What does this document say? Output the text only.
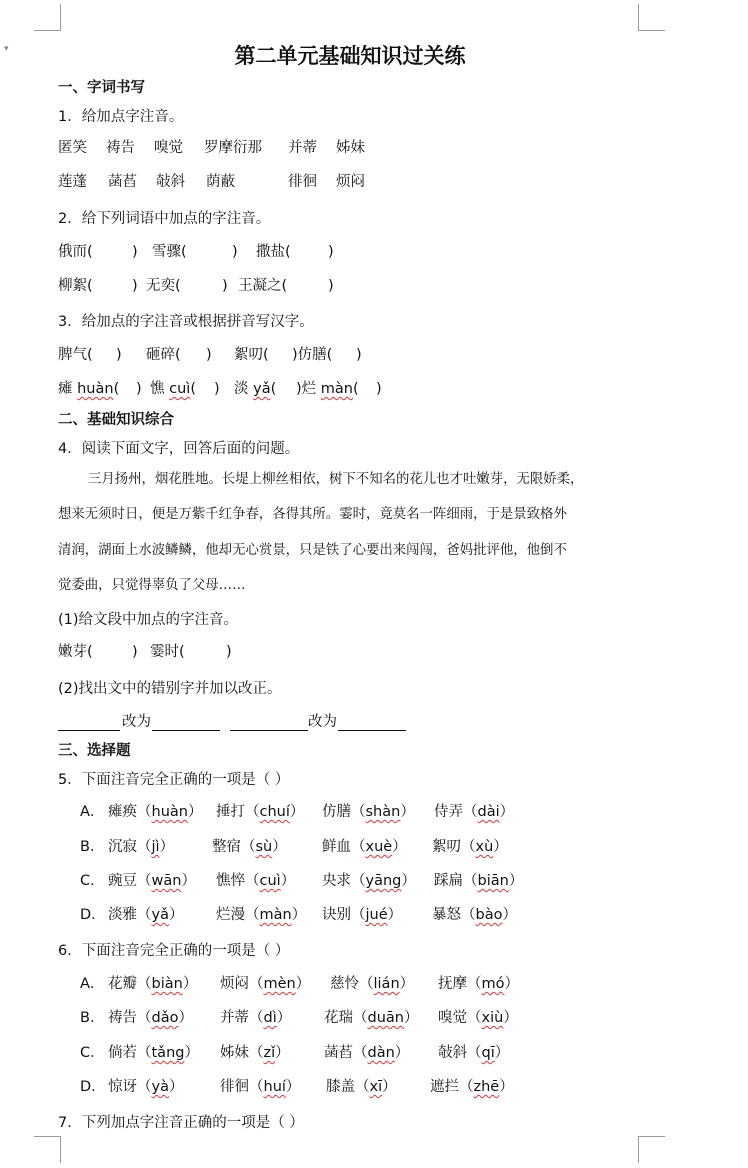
▾	第二单元基础知识过关练
一、字词书写
1．给加点字注音。
匿笑 祷告 嗅觉 罗摩衍那 并蒂 姊妹
莲蓬 菡萏 敧斜 荫蔽	徘徊 烦闷
2．给下列词语中加点的字注音。
俄而(	) 雪骤(	) 撒盐(	)
柳絮(	) 无奕(	) 王凝之(	)
3．给加点的字注音或根据拼音写汉字。
脾气( ) 砸碎( ) 絮叨( )仿膳( )
瘫 huàn( ) 憔 cuì( ) 淡 yǎ( )烂 màn( )
二、基础知识综合
4．阅读下面文字，回答后面的问题。
三月扬州，烟花胜地。长堤上柳丝相依，树下不知名的花儿也才吐嫩芽，无限娇柔，
想来无须时日，便是万紫千红争春，各得其所。霎时，竟莫名一阵细雨，于是景致格外
清润，湖面上水波鳞鳞，他却无心赏景，只是铁了心要出来闯闯，爸妈批评他，他倒不
觉委曲，只觉得辜负了父母……
(1)给文段中加点的字注音。
嫩芽(	) 霎时(	)
(2)找出文中的错别字并加以改正。
改为	改为
三、选择题
5．下面注音完全正确的一项是（ ）
A． 瘫痪（huàn） 捶打（chuí） 仿膳（shàn） 侍弄（dài）
B． 沉寂（jì）	整宿（sù） 鲜血（xuè） 絮叨（xù）
C． 豌豆（wān） 憔悴（cuì） 央求（yāng） 踩扁（biān）
D． 淡雅（yǎ） 烂漫（màn） 诀别（jué） 暴怒（bào）
6．下面注音完全正确的一项是（ ）
A． 花瓣（biàn） 烦闷（mèn） 慈怜（lián） 抚摩（mó）
B． 祷告（dǎo） 并蒂（dì） 花瑞（duān） 嗅觉（xiù）
C． 倘若（tǎng） 姊妹（zǐ） 菡萏（dàn） 敧斜（qī）
D． 惊讶（yà）	徘徊（huí） 膝盖（xī） 遮拦（zhē）
7．下列加点字注音正确的一项是（ ）
